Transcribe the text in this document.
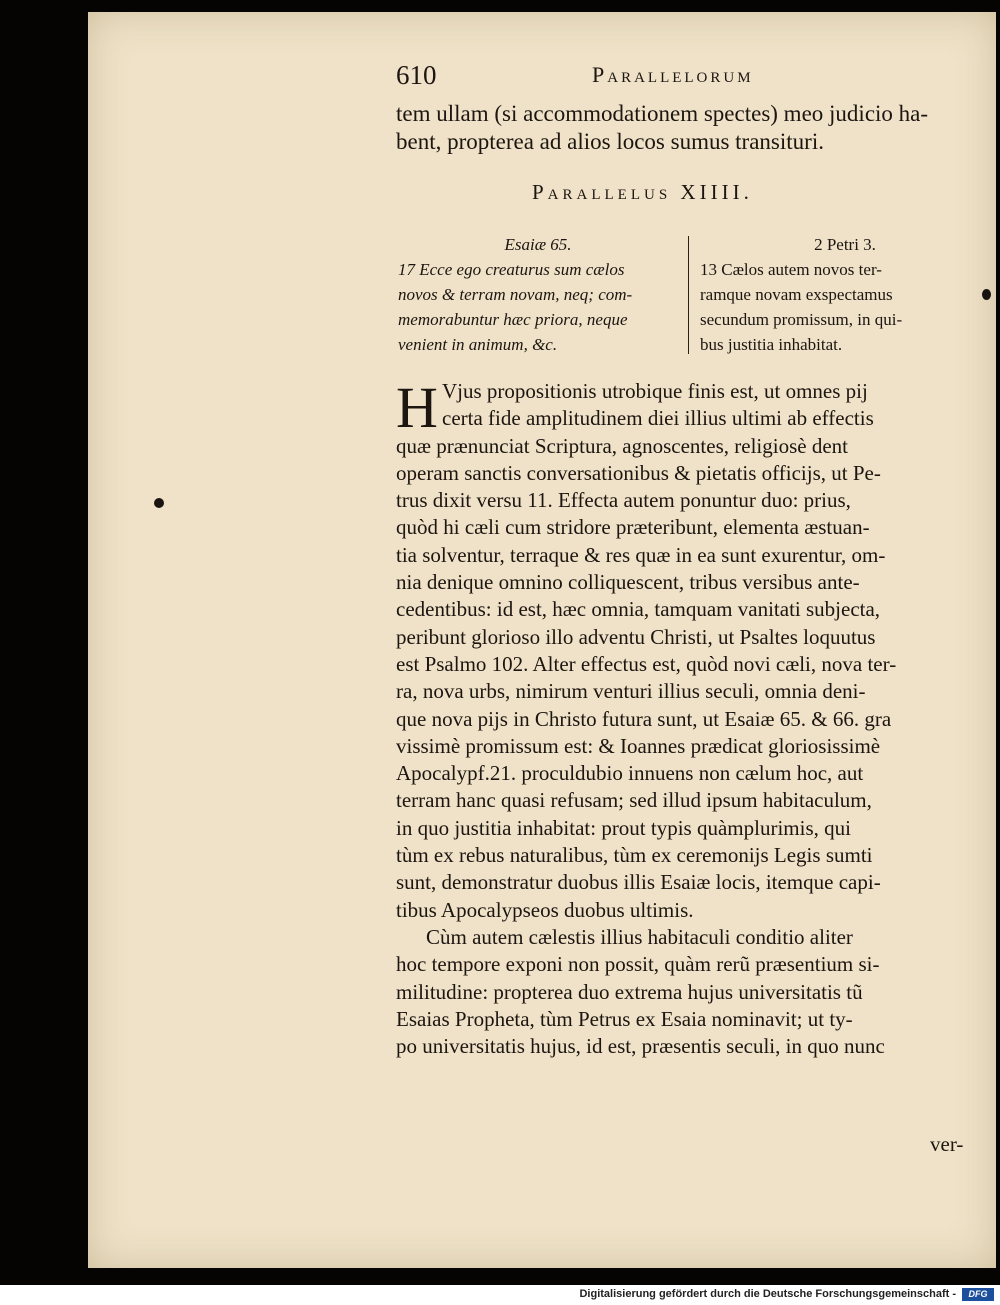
610	Parallelorum
tem ullam (si accommodationem spectes) meo judicio ha-
bent, propterea ad alios locos sumus transituri.
Parallelus XIIII.
Esaiæ 65.
17 Ecce ego creaturus sum cælos
novos & terram novam, neq; com-
memorabuntur hæc priora, neque
venient in animum, &c.
2 Petri 3.
13 Cælos autem novos ter-
ramque novam exspectamus
secundum promissum, in qui-
bus justitia inhabitat.
H Vjus propositionis utrobique finis est, ut omnes pij
certa fide amplitudinem diei illius ultimi ab effectis
quæ prænunciat Scriptura, agnoscentes, religiosè dent
operam sanctis conversationibus & pietatis officijs, ut Pe-
trus dixit versu 11. Effecta autem ponuntur duo: prius,
quòd hi cæli cum stridore præteribunt, elementa æstuan-
tia solventur, terraque & res quæ in ea sunt exurentur, om-
nia denique omnino colliquescent, tribus versibus ante-
cedentibus: id est, hæc omnia, tamquam vanitati subjecta,
peribunt glorioso illo adventu Christi, ut Psaltes loquutus
est Psalmo 102. Alter effectus est, quòd novi cæli, nova ter-
ra, nova urbs, nimirum venturi illius seculi, omnia deni-
que nova pijs in Christo futura sunt, ut Esaiæ 65. & 66. gra
vissimè promissum est: & Ioannes prædicat gloriosissimè
Apocalypf.21. proculdubio innuens non cælum hoc, aut
terram hanc quasi refusam; sed illud ipsum habitaculum,
in quo justitia inhabitat: prout typis quàmplurimis, qui
tùm ex rebus naturalibus, tùm ex ceremonijs Legis sumti
sunt, demonstratur duobus illis Esaiæ locis, itemque capi-
tibus Apocalypseos duobus ultimis.
Cùm autem cælestis illius habitaculi conditio aliter
hoc tempore exponi non possit, quàm rerũ præsentium si-
militudine: propterea duo extrema hujus universitatis tũ
Esaias Propheta, tùm Petrus ex Esaia nominavit; ut ty-
po universitatis hujus, id est, præsentis seculi, in quo nunc
ver-
Digitalisierung gefördert durch die Deutsche Forschungsgemeinschaft -	DFG
